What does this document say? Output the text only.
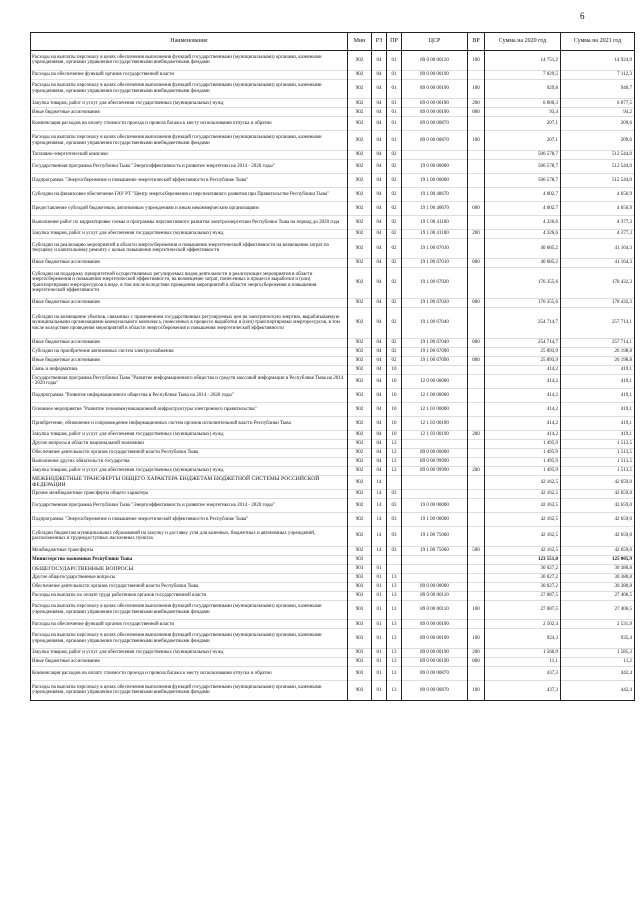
6
Наименование	Мин	РЗ	ПР	ЦСР	ВР	Сумма на 2020 год	Сумма на 2021 год
Расходы на выплаты персоналу в целях обеспечения выполнения функций государственными (муниципальными) органами, казенными учреждениями, органами управления государственными внебюджетными фондами	902	04	01	89 0 00 00110	100	14 751,2	14 924,9
Расходы на обеспечение функций органов государственной власти	902	04	01	89 0 00 00190		7 029,5	7 112,3
Расходы на выплаты персоналу в целях обеспечения выполнения функций государственными (муниципальными) органами, казенными учреждениями, органами управления государственными внебюджетными фондами	902	04	01	89 0 00 00190	100	929,8	940,7
Закупка товаров, работ и услуг для обеспечения государственных (муниципальных) нужд	902	04	01	89 0 00 00190	200	6 006,3	6 077,5
Иные бюджетные ассигнования	902	04	01	89 0 00 00190	800	93,4	94,2
Компенсация расходов на оплату стоимости проезда и провоза багажа к месту использования отпуска и обратно	902	04	01	89 0 00 00870		207,1	209,6
Расходы на выплаты персоналу в целях обеспечения выполнения функций государственными (муниципальными) органами, казенными учреждениями, органами управления государственными внебюджетными фондами	902	04	01	89 0 00 00870	100	207,1	209,6
Топливно-энергетический комплекс	902	04	02			506 578,7	512 544,0
Государственная программа Республики Тыва "Энергоэффективность и развитие энергетики на 2014 - 2020 годы"	902	04	02	19 0 00 00000		506 578,7	512 544,0
Подпрограмма "Энергосбережение и повышение энергетической эффективности в Республике Тыва"	902	04	02	19 1 00 00000		506 578,7	512 544,0
Субсидии на финансовое обеспечение ГАУ РТ "Центр энергосбережения и перспективного развития при Правительстве Республики Тыва"	902	04	02	19 1 00 40670		4 602,7	4 656,9
Предоставление субсидий бюджетным, автономным учреждениям и иным некоммерческим организациям	902	04	02	19 1 00 40670	600	4 602,7	4 656,9
Выполнение работ по корректировке схемы и программы перспективного развития электроэнергетики Республики Тыва на период до 2020 года	902	04	02	19 1 00 41100		4 326,6	4 377,3
Закупка товаров, работ и услуг для обеспечения государственных (муниципальных) нужд	902	04	02	19 1 00 41100	200	4 326,6	4 377,3
Субсидии на реализацию мероприятий в области энергосбережения и повышения энергетической эффективности на возмещение затрат по текущему и капитальному ремонту с целью повышения энергетической эффективности	902	04	02	19 1 00 67010		40 685,2	41 164,3
Иные бюджетные ассигнования	902	04	02	19 1 00 67010	800	40 685,2	41 164,3
Субсидии на поддержку приоритетной осуществляемых регулируемых видов деятельности и реализующих мероприятия в области энергосбережения и повышения энергетической эффективности, на возмещение затрат, понесенных в процессе выработки и (или) транспортировки энергоресурсов в виде, в том числе вследствие проведения мероприятий в области энергосбережения и повышения энергетической эффективности	902	04	02	19 1 00 67020		176 355,6	178 432,3
Иные бюджетные ассигнования	902	04	02	19 1 00 67020	800	176 355,6	178 432,3
Субсидии на возмещение убытков, связанных с применением государственных регулируемых цен на электрическую энергию, вырабатываемую муниципальными организациями коммунального комплекса, понесенных в процессе выработки и (или) транспортировки энергоресурсов, в том числе вследствие проведения мероприятий в области энергосбережения и повышения энергетической эффективности	902	04	02	19 1 00 67040		254 714,7	257 714,1
Иные бюджетные ассигнования	902	04	02	19 1 00 67040	800	254 714,7	257 714,1
Субсидии на приобретение автономных систем электроснабжения	902	04	02	19 1 00 67090		25 893,9	26 198,8
Иные бюджетные ассигнования	902	04	02	19 1 00 67090	800	25 893,9	26 198,8
Связь и информатика	902	04	10			414,2	419,1
Государственная программа Республики Тыва "Развитие информационного общества и средств массовой информации в Республике Тыва на 2014 - 2020 годы"	902	04	10	12 0 00 00000		414,2	419,1
Подпрограмма "Развитие информационного общества в Республике Тыва на 2014 - 2020 годы"	902	04	10	12 1 00 00000		414,2	419,1
Основное мероприятие "Развитие телекоммуникационной инфраструктуры электронного правительства"	902	04	10	12 1 03 00000		414,2	419,1
Приобретение, обновление и сопровождение информационных систем органов исполнительной власти Республики Тыва	902	04	10	12 1 03 00190		414,2	419,1
Закупка товаров, работ и услуг для обеспечения государственных (муниципальных) нужд	902	04	10	12 1 03 00190	200	414,2	419,1
Другие вопросы в области национальной экономики	902	04	12			1 495,9	1 513,5
Обеспечение деятельности органов государственной власти Республики Тыва	902	04	12	89 0 00 00000		1 495,9	1 513,5
Выполнение других обязательств государства	902	04	12	89 0 00 99990		1 495,9	1 513,5
Закупка товаров, работ и услуг для обеспечения государственных (муниципальных) нужд	902	04	12	89 0 00 99990	200	1 495,9	1 513,5
МЕЖБЮДЖЕТНЫЕ ТРАНСФЕРТЫ ОБЩЕГО ХАРАКТЕРА БЮДЖЕТАМ БЮДЖЕТНОЙ СИСТЕМЫ РОССИЙСКОЙ ФЕДЕРАЦИИ	902	14				42 162,5	42 659,0
Прочие межбюджетные трансферты общего характера	902	14	03			42 162,5	42 659,0
Государственная программа Республики Тыва "Энергоэффективность и развитие энергетики на 2014 - 2020 годы"	902	14	03	19 0 00 00000		42 162,5	42 659,0
Подпрограмма "Энергосбережение и повышение энергетической эффективности в Республике Тыва"	902	14	03	19 1 00 00000		42 162,5	42 659,0
Субсидии бюджетам муниципальных образований на закупку и доставку угля для казенных, бюджетных и автономных учреждений, расположенных в труднодоступных населенных пунктах	902	14	03	19 1 00 75060		42 162,5	42 659,0
Межбюджетные трансферты	902	14	03	19 1 00 75060	500	42 162,5	42 659,0
Министерство экономики Республики Тыва	903					123 551,0	125 005,9
ОБЩЕГОСУДАРСТВЕННЫЕ ВОПРОСЫ	903	01				30 027,2	30 380,8
Другие общегосударственные вопросы	903	01	13			30 027,2	30 380,8
Обеспечение деятельности органов государственной власти Республики Тыва	903	01	13	89 0 00 00000		30 027,2	30 380,8
Расходы на выплаты по оплате труда работников органов государственной власти	903	01	13	89 0 00 00110		27 087,5	27 406,5
Расходы на выплаты персоналу в целях обеспечения выполнения функций государственными (муниципальными) органами, казенными учреждениями, органами управления государственными внебюджетными фондами	903	01	13	89 0 00 00110	100	27 087,5	27 406,5
Расходы на обеспечение функций органов государственной власти	903	01	13	89 0 00 00190		2 502,4	2 531,9
Расходы на выплаты персоналу в целях обеспечения выполнения функций государственными (муниципальными) органами, казенными учреждениями, органами управления государственными внебюджетными фондами	903	01	13	89 0 00 00190	100	924,3	935,4
Закупка товаров, работ и услуг для обеспечения государственных (муниципальных) нужд	903	01	13	89 0 00 00190	200	1 566,9	1 585,3
Иные бюджетные ассигнования	903	01	13	89 0 00 00190	800	11,1	11,2
Компенсация расходов на оплату стоимости проезда и провоза багажа к месту использования отпуска и обратно	903	01	13	89 0 00 00870		437,3	442,4
Расходы на выплаты персоналу в целях обеспечения выполнения функций государственными (муниципальными) органами, казенными учреждениями, органами управления государственными внебюджетными фондами	903	01	13	89 0 00 00870	100	437,3	442,4
